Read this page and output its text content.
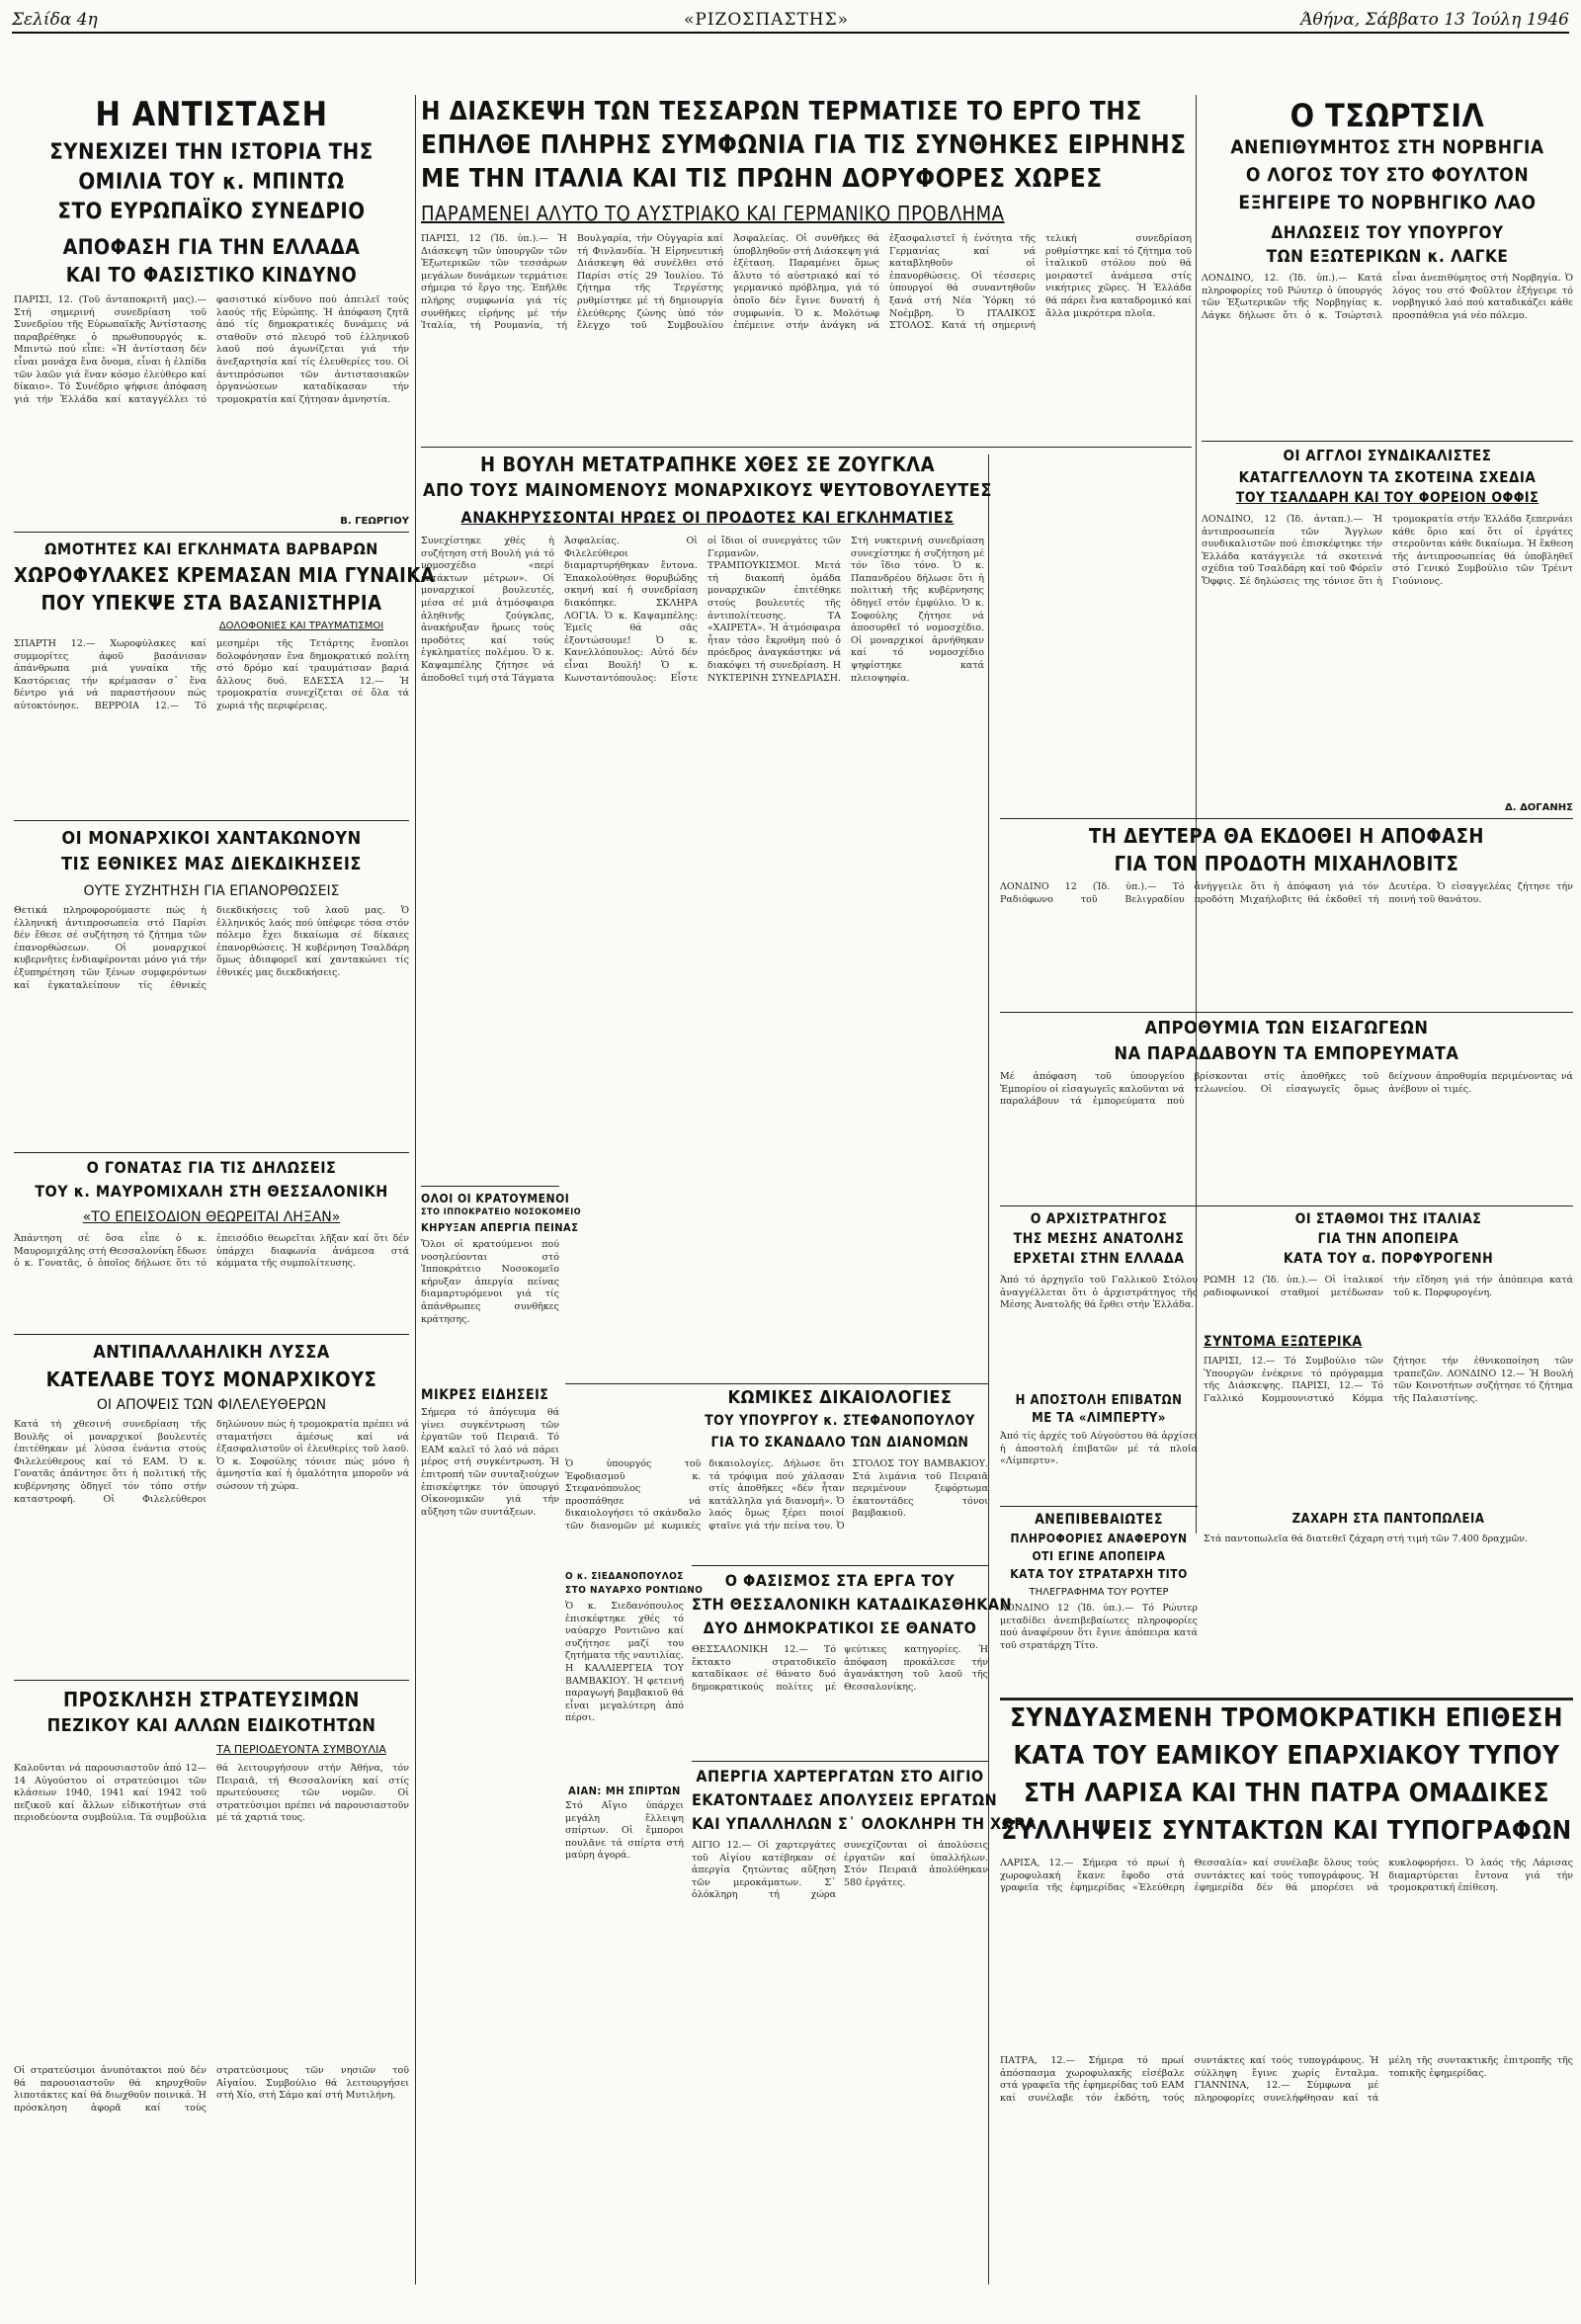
Σελίδα 4η	«ΡΙΖΟΣΠΑΣΤΗΣ»	Άθήνα, Σάββατο 13 Ίούλη 1946
Η ΑΝΤΙΣΤΑΣΗ
ΣΥΝΕΧΙΖΕΙ ΤΗΝ ΙΣΤΟΡΙΑ ΤΗΣ
ΟΜΙΛΙΑ ΤΟΥ κ. ΜΠΙΝΤΩ
ΣΤΟ ΕΥΡΩΠΑΪΚΟ ΣΥΝΕΔΡΙΟ
ΑΠΟΦΑΣΗ ΓΙΑ ΤΗΝ ΕΛΛΑΔΑ
ΚΑΙ ΤΟ ΦΑΣΙΣΤΙΚΟ ΚΙΝΔΥΝΟ
ΠΑΡΙΣΙ, 12. (Τοῦ ἀνταποκριτῆ μας).— Στή σημερινή συνεδρίαση τοῦ Συνεδρίου τῆς Εὐρωπαϊκῆς Ἀντίστασης παραβρέθηκε ὁ πρωθυπουργός κ. Μπιντώ πού εἶπε: «Ἡ ἀντίσταση δέν εἶναι μονάχα ἕνα ὄνομα, εἶναι ἡ ἐλπίδα τῶν λαῶν γιά ἕναν κόσμο ἐλεύθερο καί δίκαιο». Τό Συνέδριο ψήφισε ἀπόφαση γιά τήν Ἑλλάδα καί καταγγέλλει τό φασιστικό κίνδυνο πού ἀπειλεῖ τούς λαούς τῆς Εὐρώπης. Ἡ ἀπόφαση ζητᾶ ἀπό τίς δημοκρατικές δυνάμεις νά σταθοῦν στό πλευρό τοῦ ἑλληνικοῦ λαοῦ πού ἀγωνίζεται γιά τήν ἀνεξαρτησία καί τίς ἐλευθερίες του. Οἱ ἀντιπρόσωποι τῶν ἀντιστασιακῶν ὀργανώσεων καταδίκασαν τήν τρομοκρατία καί ζήτησαν ἀμνηστία.
Β. ΓΕΩΡΓΙΟΥ
ΩΜΟΤΗΤΕΣ ΚΑΙ ΕΓΚΛΗΜΑΤΑ ΒΑΡΒΑΡΩΝ
ΧΩΡΟΦΥΛΑΚΕΣ ΚΡΕΜΑΣΑΝ ΜΙΑ ΓΥΝΑΙΚΑ
ΠΟΥ ΥΠΕΚΨΕ ΣΤΑ ΒΑΣΑΝΙΣΤΗΡΙΑ
ΔΟΛΟΦΟΝΙΕΣ ΚΑΙ ΤΡΑΥΜΑΤΙΣΜΟΙ
ΣΠΑΡΤΗ 12.— Χωροφύλακες καί συμμορίτες ἀφοῦ βασάνισαν ἀπάνθρωπα μιά γυναίκα τῆς Καστόρειας τήν κρέμασαν σ᾽ ἕνα δέντρο γιά νά παραστήσουν πώς αὐτοκτόνησε. ΒΕΡΡΟΙΑ 12.— Τό μεσημέρι τῆς Τετάρτης ἔνοπλοι δολοφόνησαν ἕνα δημοκρατικό πολίτη στό δρόμο καί τραυμάτισαν βαριά ἄλλους δυό. ΕΔΕΣΣΑ 12.— Ἡ τρομοκρατία συνεχίζεται σέ ὅλα τά χωριά τῆς περιφέρειας.
ΟΙ ΜΟΝΑΡΧΙΚΟΙ ΧΑΝΤΑΚΩΝΟΥΝ
ΤΙΣ ΕΘΝΙΚΕΣ ΜΑΣ ΔΙΕΚΔΙΚΗΣΕΙΣ
ΟΥΤΕ ΣΥΖΗΤΗΣΗ ΓΙΑ ΕΠΑΝΟΡΘΩΣΕΙΣ
Θετικά πληροφορούμαστε πώς ἡ ἑλληνική ἀντιπροσωπεία στό Παρίσι δέν ἔθεσε σέ συζήτηση τό ζήτημα τῶν ἐπανορθώσεων. Οἱ μοναρχικοί κυβερνῆτες ἐνδιαφέρονται μόνο γιά τήν ἐξυπηρέτηση τῶν ξένων συμφερόντων καί ἐγκαταλείπουν τίς ἐθνικές διεκδικήσεις τοῦ λαοῦ μας. Ὁ ἑλληνικός λαός πού ὑπέφερε τόσα στόν πόλεμο ἔχει δικαίωμα σέ δίκαιες ἐπανορθώσεις. Ἡ κυβέρνηση Τσαλδάρη ὅμως ἀδιαφορεῖ καί χαντακώνει τίς ἐθνικές μας διεκδικήσεις.
Ο ΓΟΝΑΤΑΣ ΓΙΑ ΤΙΣ ΔΗΛΩΣΕΙΣ
ΤΟΥ κ. ΜΑΥΡΟΜΙΧΑΛΗ ΣΤΗ ΘΕΣΣΑΛΟΝΙΚΗ
«ΤΟ ΕΠΕΙΣΟΔΙΟΝ ΘΕΩΡΕΙΤΑΙ ΛΗΞΑΝ»
Ἀπάντηση σέ ὅσα εἶπε ὁ κ. Μαυρομιχάλης στή Θεσσαλονίκη ἔδωσε ὁ κ. Γονατᾶς, ὁ ὁποῖος δήλωσε ὅτι τό ἐπεισόδιο θεωρεῖται λῆξαν καί ὅτι δέν ὑπάρχει διαφωνία ἀνάμεσα στά κόμματα τῆς συμπολίτευσης.
ΑΝΤΙΠΑΛΛΑΗΛΙΚΗ ΛΥΣΣΑ
ΚΑΤΕΛΑΒΕ ΤΟΥΣ ΜΟΝΑΡΧΙΚΟΥΣ
ΟΙ ΑΠΟΨΕΙΣ ΤΩΝ ΦΙΛΕΛΕΥΘΕΡΩΝ
Κατά τή χθεσινή συνεδρίαση τῆς Βουλῆς οἱ μοναρχικοί βουλευτές ἐπιτέθηκαν μέ λύσσα ἐνάντια στούς Φιλελεύθερους καί τό ΕΑΜ. Ὁ κ. Γονατᾶς ἀπάντησε ὅτι ἡ πολιτική τῆς κυβέρνησης ὁδηγεῖ τόν τόπο στήν καταστροφή. Οἱ Φιλελεύθεροι δηλώνουν πώς ἡ τρομοκρατία πρέπει νά σταματήσει ἀμέσως καί νά ἐξασφαλιστοῦν οἱ ἐλευθερίες τοῦ λαοῦ. Ὁ κ. Σοφούλης τόνισε πώς μόνο ἡ ἀμνηστία καί ἡ ὁμαλότητα μποροῦν νά σώσουν τή χώρα.
ΠΡΟΣΚΛΗΣΗ ΣΤΡΑΤΕΥΣΙΜΩΝ
ΠΕΖΙΚΟΥ ΚΑΙ ΑΛΛΩΝ ΕΙΔΙΚΟΤΗΤΩΝ
ΤΑ ΠΕΡΙΟΔΕΥΟΝΤΑ ΣΥΜΒΟΥΛΙΑ
Καλοῦνται νά παρουσιαστοῦν ἀπό 12—14 Αὐγούστου οἱ στρατεύσιμοι τῶν κλάσεων 1940, 1941 καί 1942 τοῦ πεζικοῦ καί ἄλλων εἰδικοτήτων στά περιοδεύοντα συμβούλια. Τά συμβούλια θά λειτουργήσουν στήν Ἀθήνα, τόν Πειραιᾶ, τή Θεσσαλονίκη καί στίς πρωτεύουσες τῶν νομῶν. Οἱ στρατεύσιμοι πρέπει νά παρουσιαστοῦν μέ τά χαρτιά τους.
Οἱ στρατεύσιμοι ἀνυπότακτοι πού δέν θά παρουσιαστοῦν θά κηρυχθοῦν λιποτάκτες καί θά διωχθοῦν ποινικά. Ἡ πρόσκληση ἀφορᾶ καί τούς στρατεύσιμους τῶν νησιῶν τοῦ Αἰγαίου. Συμβούλιο θά λειτουργήσει στή Χίο, στή Σάμο καί στή Μυτιλήνη.
Η ΔΙΑΣΚΕΨΗ ΤΩΝ ΤΕΣΣΑΡΩΝ ΤΕΡΜΑΤΙΣΕ ΤΟ ΕΡΓΟ ΤΗΣ
ΕΠΗΛΘΕ ΠΛΗΡΗΣ ΣΥΜΦΩΝΙΑ ΓΙΑ ΤΙΣ ΣΥΝΘΗΚΕΣ ΕΙΡΗΝΗΣ
ΜΕ ΤΗΝ ΙΤΑΛΙΑ ΚΑΙ ΤΙΣ ΠΡΩΗΝ ΔΟΡΥΦΟΡΕΣ ΧΩΡΕΣ
ΠΑΡΑΜΕΝΕΙ ΑΛΥΤΟ ΤΟ ΑΥΣΤΡΙΑΚΟ ΚΑΙ ΓΕΡΜΑΝΙΚΟ ΠΡΟΒΛΗΜΑ
ΠΑΡΙΣΙ, 12 (Ἰδ. ὑπ.).— Ἡ Διάσκεψη τῶν ὑπουργῶν τῶν Ἐξωτερικῶν τῶν τεσσάρων μεγάλων δυνάμεων τερμάτισε σήμερα τό ἔργο της. Ἐπῆλθε πλήρης συμφωνία γιά τίς συνθῆκες εἰρήνης μέ τήν Ἰταλία, τή Ρουμανία, τή Βουλγαρία, τήν Οὑγγαρία καί τή Φινλανδία. Ἡ Εἰρηνευτική Διάσκεψη θά συνέλθει στό Παρίσι στίς 29 Ἰουλίου. Τό ζήτημα τῆς Τεργέστης ρυθμίστηκε μέ τή δημιουργία ἐλεύθερης ζώνης ὑπό τόν ἔλεγχο τοῦ Συμβουλίου Ἀσφαλείας. Οἱ συνθῆκες θά ὑποβληθοῦν στή Διάσκεψη γιά ἐξέταση. Παραμένει ὅμως ἄλυτο τό αὐστριακό καί τό γερμανικό πρόβλημα, γιά τό ὁποῖο δέν ἔγινε δυνατή ἡ συμφωνία. Ὁ κ. Μολότωφ ἐπέμεινε στήν ἀνάγκη νά ἐξασφαλιστεῖ ἡ ἑνότητα τῆς Γερμανίας καί νά καταβληθοῦν οἱ ἐπανορθώσεις. Οἱ τέσσερις ὑπουργοί θά συναντηθοῦν ξανά στή Νέα Ὑόρκη τό Νοέμβρη. Ὁ ΙΤΑΛΙΚΟΣ ΣΤΟΛΟΣ. Κατά τή σημερινή τελική συνεδρίαση ρυθμίστηκε καί τό ζήτημα τοῦ ἰταλικοῦ στόλου πού θά μοιραστεῖ ἀνάμεσα στίς νικήτριες χῶρες. Ἡ Ἑλλάδα θά πάρει ἕνα καταδρομικό καί ἄλλα μικρότερα πλοῖα.
Η ΒΟΥΛΗ ΜΕΤΑΤΡΑΠΗΚΕ ΧΘΕΣ ΣΕ ΖΟΥΓΚΛΑ
ΑΠΟ ΤΟΥΣ ΜΑΙΝΟΜΕΝΟΥΣ ΜΟΝΑΡΧΙΚΟΥΣ ΨΕΥΤΟΒΟΥΛΕΥΤΕΣ
ΑΝΑΚΗΡΥΣΣΟΝΤΑΙ ΗΡΩΕΣ ΟΙ ΠΡΟΔΟΤΕΣ ΚΑΙ ΕΓΚΛΗΜΑΤΙΕΣ
Συνεχίστηκε χθές ἡ συζήτηση στή Βουλή γιά τό νομοσχέδιο «περί ἐκτάκτων μέτρων». Οἱ μοναρχικοί βουλευτές, μέσα σέ μιά ἀτμόσφαιρα ἀληθινῆς ζούγκλας, ἀνακήρυξαν ἥρωες τούς προδότες καί τούς ἐγκληματίες πολέμου. Ὁ κ. Καψαμπέλης ζήτησε νά ἀποδοθεῖ τιμή στά Τάγματα Ἀσφαλείας. Οἱ Φιλελεύθεροι διαμαρτυρήθηκαν ἔντονα. Ἐπακολούθησε θορυβώδης σκηνή καί ἡ συνεδρίαση διακόπηκε. ΣΚΛΗΡΑ ΛΟΓΙΑ. Ὁ κ. Καψαμπέλης: Ἐμεῖς θά σᾶς ἐξοντώσουμε! Ὁ κ. Κανελλόπουλος: Αὐτό δέν εἶναι Βουλή! Ὁ κ. Κωνσταντόπουλος: Εἶστε οἱ ἴδιοι οἱ συνεργάτες τῶν Γερμανῶν. ΤΡΑΜΠΟΥΚΙΣΜΟΙ. Μετά τή διακοπή ὁμάδα μοναρχικῶν ἐπιτέθηκε στούς βουλευτές τῆς ἀντιπολίτευσης. ΤΑ «ΧΑΙΡΕΤΑ». Ἡ ἀτμόσφαιρα ἦταν τόσο ἔκρυθμη πού ὁ πρόεδρος ἀναγκάστηκε νά διακόψει τή συνεδρίαση. Η ΝΥΚΤΕΡΙΝΗ ΣΥΝΕΔΡΙΑΣΗ. Στή νυκτερινή συνεδρίαση συνεχίστηκε ἡ συζήτηση μέ τόν ἴδιο τόνο. Ὁ κ. Παπανδρέου δήλωσε ὅτι ἡ πολιτική τῆς κυβέρνησης ὁδηγεῖ στόν ἐμφύλιο. Ὁ κ. Σοφούλης ζήτησε νά ἀποσυρθεῖ τό νομοσχέδιο. Οἱ μοναρχικοί ἀρνήθηκαν καί τό νομοσχέδιο ψηφίστηκε κατά πλειοψηφία.
ΟΛΟΙ ΟΙ ΚΡΑΤΟΥΜΕΝΟΙ
ΣΤΟ ΙΠΠΟΚΡΑΤΕΙΟ ΝΟΣΟΚΟΜΕΙΟ
ΚΗΡΥΞΑΝ ΑΠΕΡΓΙΑ ΠΕΙΝΑΣ
Ὅλοι οἱ κρατούμενοι πού νοσηλεύονται στό Ἱπποκράτειο Νοσοκομεῖο κήρυξαν ἀπεργία πείνας διαμαρτυρόμενοι γιά τίς ἀπάνθρωπες συνθῆκες κράτησης.
ΜΙΚΡΕΣ ΕΙΔΗΣΕΙΣ
Σήμερα τό ἀπόγευμα θά γίνει συγκέντρωση τῶν ἐργατῶν τοῦ Πειραιᾶ. Τό ΕΑΜ καλεῖ τό λαό νά πάρει μέρος στή συγκέντρωση. Ἡ ἐπιτροπή τῶν συνταξιούχων ἐπισκέφτηκε τόν ὑπουργό Οἰκονομικῶν γιά τήν αὔξηση τῶν συντάξεων.
Ο ΦΑΣΙΣΜΟΣ ΣΤΑ ΕΡΓΑ ΤΟΥ
ΣΤΗ ΘΕΣΣΑΛΟΝΙΚΗ ΚΑΤΑΔΙΚΑΣΘΗΚΑΝ
ΔΥΟ ΔΗΜΟΚΡΑΤΙΚΟΙ ΣΕ ΘΑΝΑΤΟ
ΘΕΣΣΑΛΟΝΙΚΗ 12.— Τό ἔκτακτο στρατοδικεῖο καταδίκασε σέ θάνατο δυό δημοκρατικούς πολίτες μέ ψεύτικες κατηγορίες. Ἡ ἀπόφαση προκάλεσε τήν ἀγανάκτηση τοῦ λαοῦ τῆς Θεσσαλονίκης.
ΑΠΕΡΓΙΑ ΧΑΡΤΕΡΓΑΤΩΝ ΣΤΟ ΑΙΓΙΟ
ΕΚΑΤΟΝΤΑΔΕΣ ΑΠΟΛΥΣΕΙΣ ΕΡΓΑΤΩΝ
ΚΑΙ ΥΠΑΛΛΗΛΩΝ Σ᾽ ΟΛΟΚΛΗΡΗ ΤΗ ΧΩΡΑ
ΑΙΓΙΟ 12.— Οἱ χαρτεργάτες τοῦ Αἰγίου κατέβηκαν σέ ἀπεργία ζητώντας αὔξηση τῶν μεροκάματων. Σ᾽ ὁλόκληρη τή χώρα συνεχίζονται οἱ ἀπολύσεις ἐργατῶν καί ὑπαλλήλων. Στόν Πειραιᾶ ἀπολύθηκαν 580 ἐργάτες.
ΚΩΜΙΚΕΣ ΔΙΚΑΙΟΛΟΓΙΕΣ
ΤΟΥ ΥΠΟΥΡΓΟΥ κ. ΣΤΕΦΑΝΟΠΟΥΛΟΥ
ΓΙΑ ΤΟ ΣΚΑΝΔΑΛΟ ΤΩΝ ΔΙΑΝΟΜΩΝ
Ὁ ὑπουργός τοῦ Ἐφοδιασμοῦ κ. Στεφανόπουλος προσπάθησε νά δικαιολογήσει τό σκάνδαλο τῶν διανομῶν μέ κωμικές δικαιολογίες. Δήλωσε ὅτι τά τρόφιμα πού χάλασαν στίς ἀποθῆκες «δέν ἦταν κατάλληλα γιά διανομή». Ὁ λαός ὅμως ξέρει ποιοί φταῖνε γιά τήν πείνα του. Ὁ ΣΤΟΛΟΣ ΤΟΥ ΒΑΜΒΑΚΙΟΥ. Στά λιμάνια τοῦ Πειραιᾶ περιμένουν ξεφόρτωμα ἑκατοντάδες τόνοι βαμβακιοῦ.
Ο κ. ΣΙΕΔΑΝΟΠΟΥΛΟΣ
ΣΤΟ ΝΑΥΑΡΧΟ ΡΟΝΤΙΩΝΟ
Ὁ κ. Σιεδανόπουλος ἐπισκέφτηκε χθές τό ναύαρχο Ροντιῶνο καί συζήτησε μαζί του ζητήματα τῆς ναυτιλίας. Η ΚΑΛΛΙΕΡΓΕΙΑ ΤΟΥ ΒΑΜΒΑΚΙΟΥ. Ἡ φετεινή παραγωγή βαμβακιοῦ θά εἶναι μεγαλύτερη ἀπό πέρσι.
ΑΙΑΝ: ΜΗ ΣΠΙΡΤΩΝ
Στό Αἴγιο ὑπάρχει μεγάλη ἔλλειψη σπίρτων. Οἱ ἔμποροι πουλᾶνε τά σπίρτα στή μαύρη ἀγορά.
Ο ΤΣΩΡΤΣΙΛ
ΑΝΕΠΙΘΥΜΗΤΟΣ ΣΤΗ ΝΟΡΒΗΓΙΑ
Ο ΛΟΓΟΣ ΤΟΥ ΣΤΟ ΦΟΥΛΤΟΝ
ΕΞΗΓΕΙΡΕ ΤΟ ΝΟΡΒΗΓΙΚΟ ΛΑΟ
ΔΗΛΩΣΕΙΣ ΤΟΥ ΥΠΟΥΡΓΟΥ
ΤΩΝ ΕΞΩΤΕΡΙΚΩΝ κ. ΛΑΓΚΕ
ΛΟΝΔΙΝΟ, 12. (Ἰδ. ὑπ.).— Κατά πληροφορίες τοῦ Ρώυτερ ὁ ὑπουργός τῶν Ἐξωτερικῶν τῆς Νορβηγίας κ. Λάγκε δήλωσε ὅτι ὁ κ. Τσώρτσιλ εἶναι ἀνεπιθύμητος στή Νορβηγία. Ὁ λόγος του στό Φοῦλτον ἐξήγειρε τό νορβηγικό λαό πού καταδικάζει κάθε προσπάθεια γιά νέο πόλεμο.
ΟΙ ΑΓΓΛΟΙ ΣΥΝΔΙΚΑΛΙΣΤΕΣ
ΚΑΤΑΓΓΕΛΛΟΥΝ ΤΑ ΣΚΟΤΕΙΝΑ ΣΧΕΔΙΑ
ΤΟΥ ΤΣΑΛΔΑΡΗ ΚΑΙ ΤΟΥ ΦΟΡΕΙΟΝ ΟΦΦΙΣ
ΛΟΝΔΙΝΟ, 12 (Ἰδ. ἀνταπ.).— Ἡ ἀντιπροσωπεία τῶν Ἄγγλων συνδικαλιστῶν πού ἐπισκέφτηκε τήν Ἑλλάδα κατάγγειλε τά σκοτεινά σχέδια τοῦ Τσαλδάρη καί τοῦ Φόρεϊν Ὄφφις. Σέ δηλώσεις της τόνισε ὅτι ἡ τρομοκρατία στήν Ἑλλάδα ξεπερνάει κάθε ὅριο καί ὅτι οἱ ἐργάτες στεροῦνται κάθε δικαίωμα. Ἡ ἔκθεση τῆς ἀντιπροσωπείας θά ὑποβληθεῖ στό Γενικό Συμβούλιο τῶν Τρέιντ Γιούνιονς.
Δ. ΔΟΓΑΝΗΣ
ΤΗ ΔΕΥΤΕΡΑ ΘΑ ΕΚΔΟΘΕΙ Η ΑΠΟΦΑΣΗ
ΓΙΑ ΤΟΝ ΠΡΟΔΟΤΗ ΜΙΧΑΗΛΟΒΙΤΣ
ΛΟΝΔΙΝΟ 12 (Ἰδ. ὑπ.).— Τό Ραδιόφωνο τοῦ Βελιγραδίου ἀνήγγειλε ὅτι ἡ ἀπόφαση γιά τόν προδότη Μιχαήλοβιτς θά ἐκδοθεῖ τή Δευτέρα. Ὁ εἰσαγγελέας ζήτησε τήν ποινή τοῦ θανάτου.
ΑΠΡΟΘΥΜΙΑ ΤΩΝ ΕΙΣΑΓΩΓΕΩΝ
ΝΑ ΠΑΡΑΔΑΒΟΥΝ ΤΑ ΕΜΠΟΡΕΥΜΑΤΑ
Μέ ἀπόφαση τοῦ ὑπουργείου Ἐμπορίου οἱ εἰσαγωγεῖς καλοῦνται νά παραλάβουν τά ἐμπορεύματα πού βρίσκονται στίς ἀποθῆκες τοῦ τελωνείου. Οἱ εἰσαγωγεῖς ὅμως δείχνουν ἀπροθυμία περιμένοντας νά ἀνέβουν οἱ τιμές.
Ο ΑΡΧΙΣΤΡΑΤΗΓΟΣ
ΤΗΣ ΜΕΣΗΣ ΑΝΑΤΟΛΗΣ
ΕΡΧΕΤΑΙ ΣΤΗΝ ΕΛΛΑΔΑ
Ἀπό τό ἀρχηγεῖο τοῦ Γαλλικοῦ Στόλου ἀναγγέλλεται ὅτι ὁ ἀρχιστράτηγος τῆς Μέσης Ἀνατολῆς θά ἔρθει στήν Ἑλλάδα.
ΟΙ ΣΤΑΘΜΟΙ ΤΗΣ ΙΤΑΛΙΑΣ
ΓΙΑ ΤΗΝ ΑΠΟΠΕΙΡΑ
ΚΑΤΑ ΤΟΥ α. ΠΟΡΦΥΡΟΓΕΝΗ
ΡΩΜΗ 12 (Ἰδ. ὑπ.).— Οἱ ἰταλικοί ραδιοφωνικοί σταθμοί μετέδωσαν τήν εἴδηση γιά τήν ἀπόπειρα κατά τοῦ κ. Πορφυρογένη.
Η ΑΠΟΣΤΟΛΗ ΕΠΙΒΑΤΩΝ
ΜΕ ΤΑ «ΛΙΜΠΕΡΤΥ»
Ἀπό τίς ἀρχές τοῦ Αὐγούστου θά ἀρχίσει ἡ ἀποστολή ἐπιβατῶν μέ τά πλοῖα «Λίμπερτυ».
ΣΥΝΤΟΜΑ ΕΞΩΤΕΡΙΚΑ
ΠΑΡΙΣΙ, 12.— Τό Συμβούλιο τῶν Ὑπουργῶν ἐνέκρινε τό πρόγραμμα τῆς Διάσκεψης. ΠΑΡΙΣΙ, 12.— Τό Γαλλικό Κομμουνιστικό Κόμμα ζήτησε τήν ἐθνικοποίηση τῶν τραπεζῶν. ΛΟΝΔΙΝΟ 12.— Ἡ Βουλή τῶν Κοινοτήτων συζήτησε τό ζήτημα τῆς Παλαιστίνης.
ΑΝΕΠΙΒΕΒΑΙΩΤΕΣ
ΠΛΗΡΟΦΟΡΙΕΣ ΑΝΑΦΕΡΟΥΝ
ΟΤΙ ΕΓΙΝΕ ΑΠΟΠΕΙΡΑ
ΚΑΤΑ ΤΟΥ ΣΤΡΑΤΑΡΧΗ ΤΙΤΟ
ΤΗΛΕΓΡΑΦΗΜΑ ΤΟΥ ΡΟΥΤΕΡ
ΛΟΝΔΙΝΟ 12 (Ἰδ. ὑπ.).— Τό Ρώυτερ μεταδίδει ἀνεπιβεβαίωτες πληροφορίες πού ἀναφέρουν ὅτι ἔγινε ἀπόπειρα κατά τοῦ στρατάρχη Τίτο.
ΖΑΧΑΡΗ ΣΤΑ ΠΑΝΤΟΠΩΛΕΙΑ
Στά παντοπωλεῖα θά διατεθεῖ ζάχαρη στή τιμή τῶν 7.400 δραχμῶν.
ΣΥΝΔΥΑΣΜΕΝΗ ΤΡΟΜΟΚΡΑΤΙΚΗ ΕΠΙΘΕΣΗ
ΚΑΤΑ ΤΟΥ ΕΑΜΙΚΟΥ ΕΠΑΡΧΙΑΚΟΥ ΤΥΠΟΥ
ΣΤΗ ΛΑΡΙΣΑ ΚΑΙ ΤΗΝ ΠΑΤΡΑ ΟΜΑΔΙΚΕΣ
ΣΥΛΛΗΨΕΙΣ ΣΥΝΤΑΚΤΩΝ ΚΑΙ ΤΥΠΟΓΡΑΦΩΝ
ΛΑΡΙΣΑ, 12.— Σήμερα τό πρωί ἡ χωροφυλακή ἔκανε ἔφοδο στά γραφεῖα τῆς ἐφημερίδας «Ἐλεύθερη Θεσσαλία» καί συνέλαβε ὅλους τούς συντάκτες καί τούς τυπογράφους. Ἡ ἐφημερίδα δέν θά μπορέσει νά κυκλοφορήσει. Ὁ λαός τῆς Λάρισας διαμαρτύρεται ἔντονα γιά τήν τρομοκρατική ἐπίθεση.
ΠΑΤΡΑ, 12.— Σήμερα τό πρωί ἀπόσπασμα χωροφυλακῆς εἰσέβαλε στά γραφεῖα τῆς ἐφημερίδας τοῦ ΕΑΜ καί συνέλαβε τόν ἐκδότη, τούς συντάκτες καί τούς τυπογράφους. Ἡ σύλληψη ἔγινε χωρίς ἔνταλμα. ΓΙΑΝΝΙΝΑ, 12.— Σύμφωνα μέ πληροφορίες συνελήφθησαν καί τά μέλη τῆς συντακτικῆς ἐπιτροπῆς τῆς τοπικῆς ἐφημερίδας.
